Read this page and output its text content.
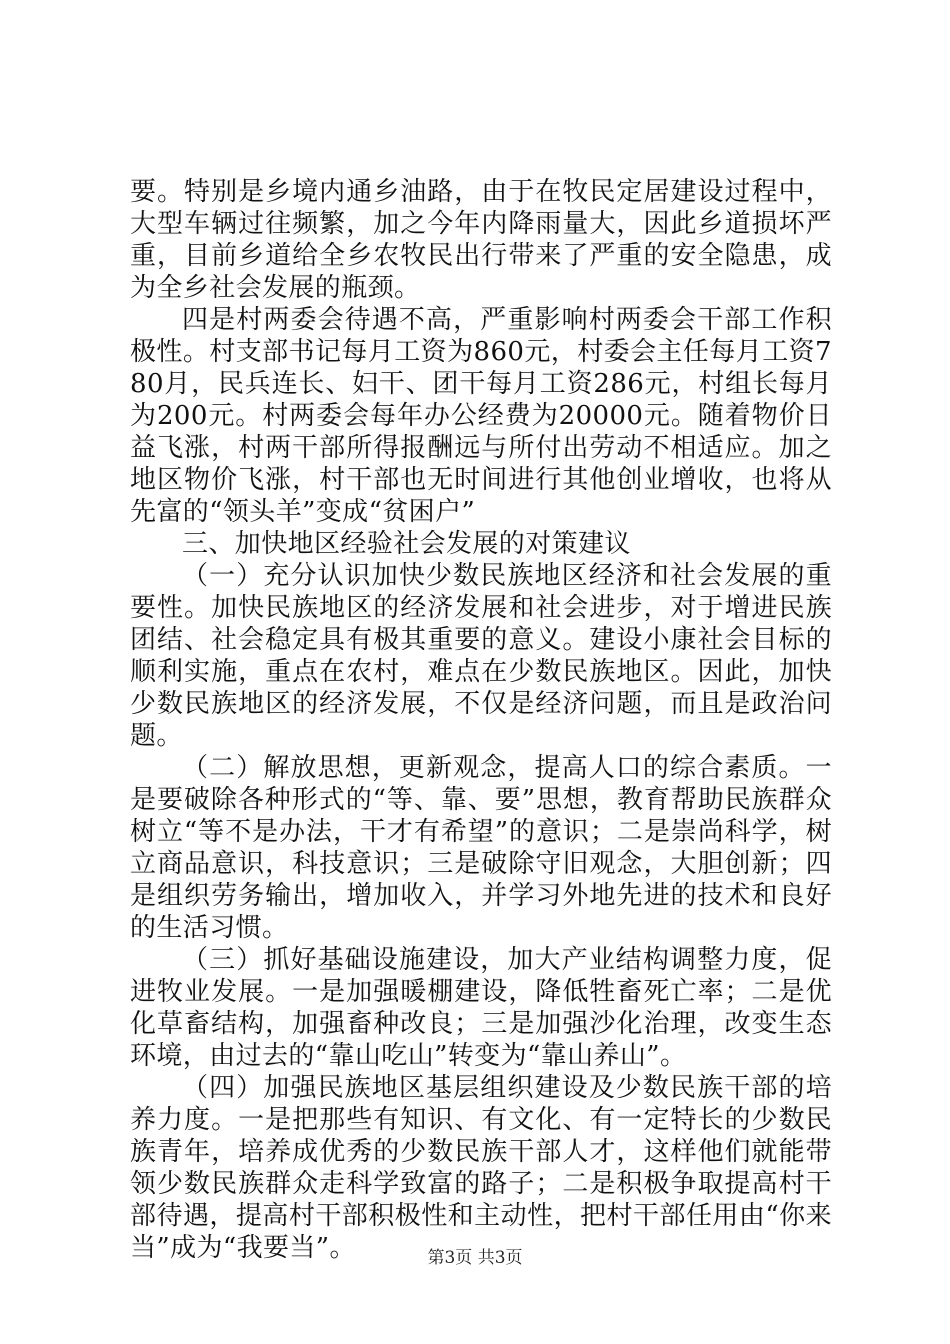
要。特别是乡境内通乡油路，由于在牧民定居建设过程中，大型车辆过往频繁，加之今年内降雨量大，因此乡道损坏严重，目前乡道给全乡农牧民出行带来了严重的安全隐患，成为全乡社会发展的瓶颈。

四是村两委会待遇不高，严重影响村两委会干部工作积极性。村支部书记每月工资为860元，村委会主任每月工资780月，民兵连长、妇干、团干每月工资286元，村组长每月为200元。村两委会每年办公经费为20000元。随着物价日益飞涨，村两干部所得报酬远与所付出劳动不相适应。加之地区物价飞涨，村干部也无时间进行其他创业增收，也将从先富的“领头羊”变成“贫困户”

三、加快地区经验社会发展的对策建议

（一）充分认识加快少数民族地区经济和社会发展的重要性。加快民族地区的经济发展和社会进步，对于增进民族团结、社会稳定具有极其重要的意义。建设小康社会目标的顺利实施，重点在农村，难点在少数民族地区。因此，加快少数民族地区的经济发展，不仅是经济问题，而且是政治问题。

（二）解放思想，更新观念，提高人口的综合素质。一是要破除各种形式的“等、靠、要”思想，教育帮助民族群众树立“等不是办法，干才有希望”的意识；二是崇尚科学，树立商品意识，科技意识；三是破除守旧观念，大胆创新；四是组织劳务输出，增加收入，并学习外地先进的技术和良好的生活习惯。

（三）抓好基础设施建设，加大产业结构调整力度，促进牧业发展。一是加强暖棚建设，降低牲畜死亡率；二是优化草畜结构，加强畜种改良；三是加强沙化治理，改变生态环境，由过去的“靠山吃山”转变为“靠山养山”。

（四）加强民族地区基层组织建设及少数民族干部的培养力度。一是把那些有知识、有文化、有一定特长的少数民族青年，培养成优秀的少数民族干部人才，这样他们就能带领少数民族群众走科学致富的路子；二是积极争取提高村干部待遇，提高村干部积极性和主动性，把村干部任用由“你来当”成为“我要当”。	第3页 共3页
